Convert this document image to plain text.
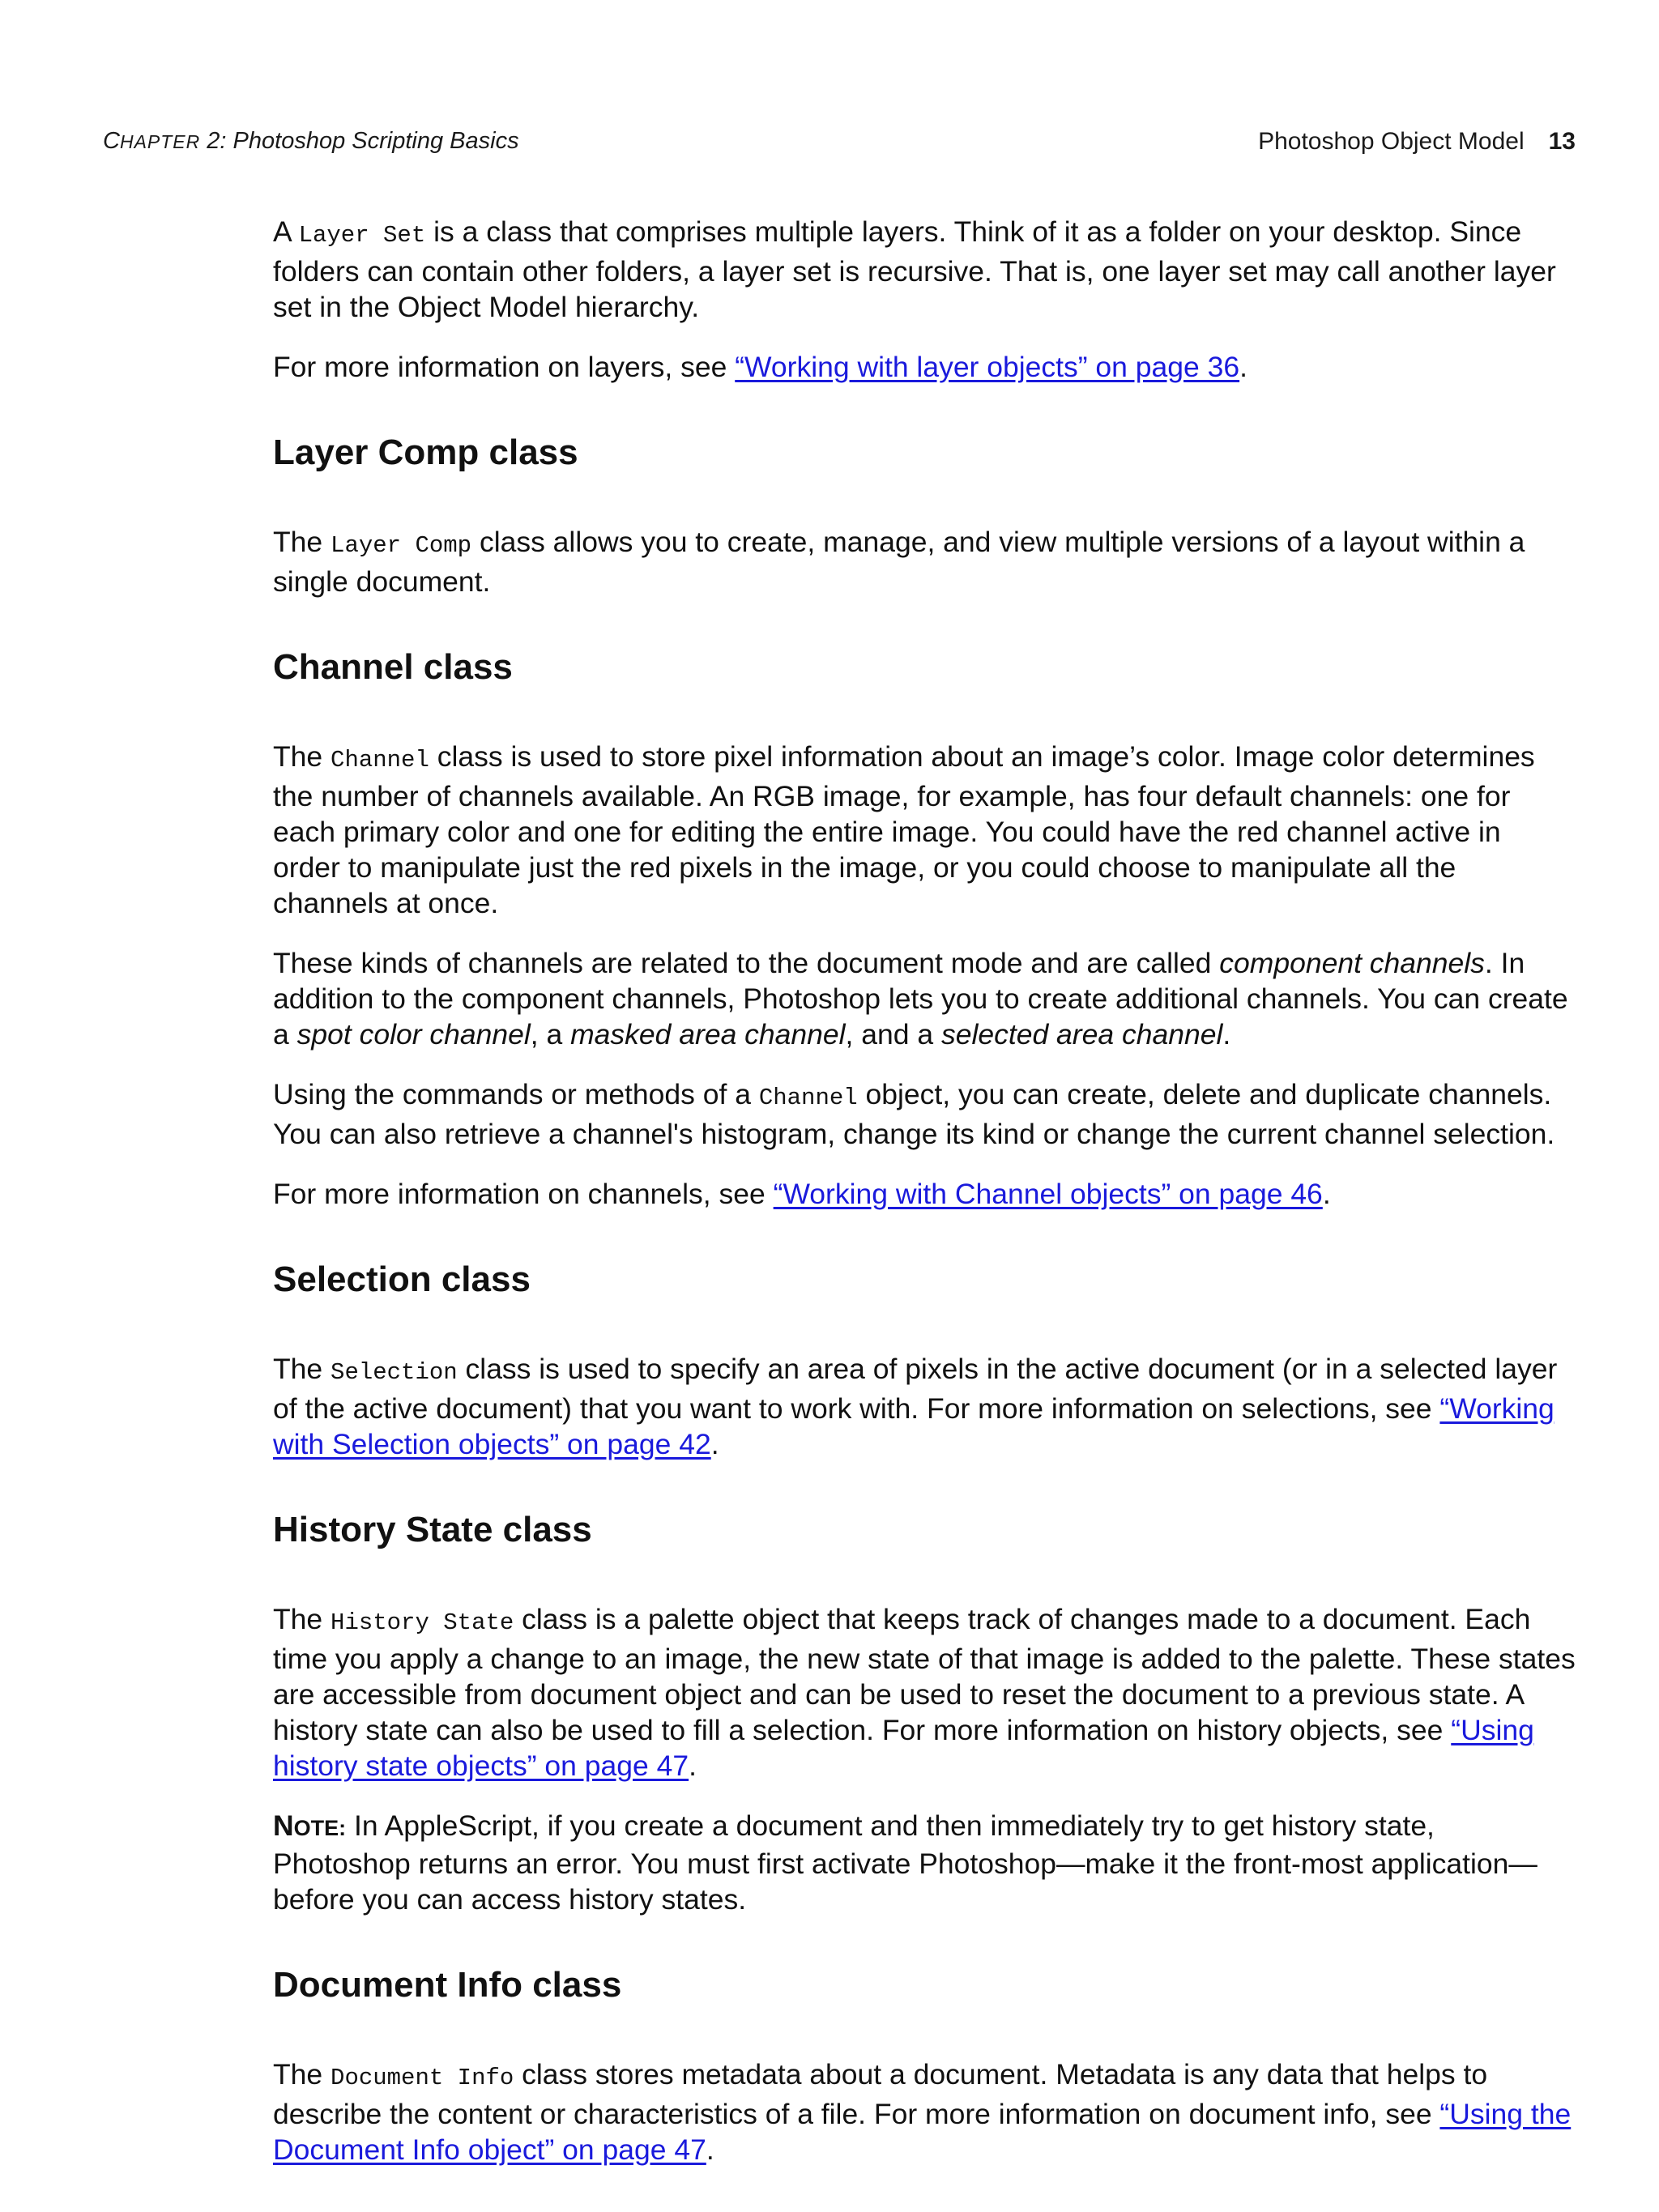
CHAPTER 2: Photoshop Scripting Basics	Photoshop Object Model 13

A Layer Set is a class that comprises multiple layers. Think of it as a folder on your desktop. Since folders can contain other folders, a layer set is recursive. That is, one layer set may call another layer set in the Object Model hierarchy.

For more information on layers, see “Working with layer objects” on page 36.

Layer Comp class

The Layer Comp class allows you to create, manage, and view multiple versions of a layout within a single document.

Channel class

The Channel class is used to store pixel information about an image’s color. Image color determines the number of channels available. An RGB image, for example, has four default channels: one for each primary color and one for editing the entire image. You could have the red channel active in order to manipulate just the red pixels in the image, or you could choose to manipulate all the channels at once.

These kinds of channels are related to the document mode and are called component channels. In addition to the component channels, Photoshop lets you to create additional channels. You can create a spot color channel, a masked area channel, and a selected area channel.

Using the commands or methods of a Channel object, you can create, delete and duplicate channels. You can also retrieve a channel's histogram, change its kind or change the current channel selection.

For more information on channels, see “Working with Channel objects” on page 46.

Selection class

The Selection class is used to specify an area of pixels in the active document (or in a selected layer of the active document) that you want to work with. For more information on selections, see “Working with Selection objects” on page 42.

History State class

The History State class is a palette object that keeps track of changes made to a document. Each time you apply a change to an image, the new state of that image is added to the palette. These states are accessible from document object and can be used to reset the document to a previous state. A history state can also be used to fill a selection. For more information on history objects, see “Using history state objects” on page 47.

NOTE: In AppleScript, if you create a document and then immediately try to get history state, Photoshop returns an error. You must first activate Photoshop—make it the front-most application—before you can access history states.

Document Info class

The Document Info class stores metadata about a document. Metadata is any data that helps to describe the content or characteristics of a file. For more information on document info, see “Using the Document Info object” on page 47.
